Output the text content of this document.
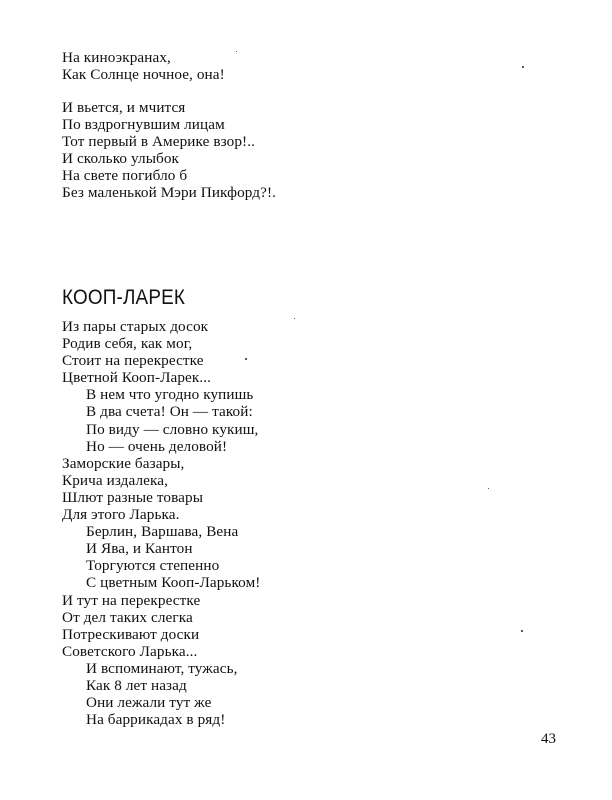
На киноэкранах,
Как Солнце ночное, она!
И вьется, и мчится
По вздрогнувшим лицам
Тот первый в Америке взор!..
И сколько улыбок
На свете погибло б
Без маленькой Мэри Пикфорд?!.
КООП-ЛАРЕК
Из пары старых досок
Родив себя, как мог,
Стоит на перекрестке
Цветной Кооп-Ларек...
В нем что угодно купишь
В два счета! Он — такой:
По виду — словно кукиш,
Но — очень деловой!
Заморские базары,
Крича издалека,
Шлют разные товары
Для этого Ларька.
Берлин, Варшава, Вена
И Ява, и Кантон
Торгуются степенно
С цветным Кооп-Ларьком!
И тут на перекрестке
От дел таких слегка
Потрескивают доски
Советского Ларька...
И вспоминают, тужась,
Как 8 лет назад
Они лежали тут же
На баррикадах в ряд!
43
